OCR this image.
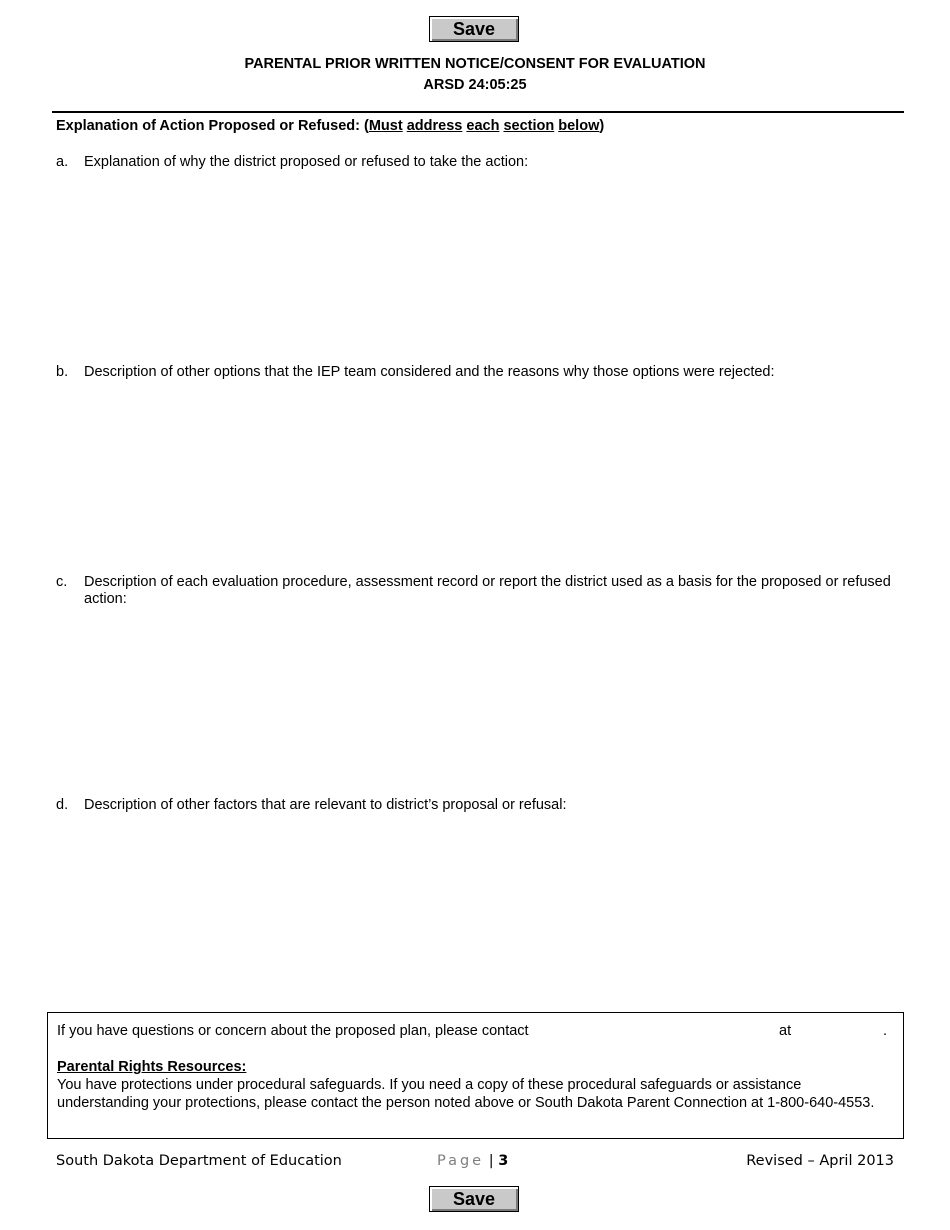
Save
PARENTAL PRIOR WRITTEN NOTICE/CONSENT FOR EVALUATION
ARSD 24:05:25
Explanation of Action Proposed or Refused: (Must address each section below)
a. Explanation of why the district proposed or refused to take the action:
b. Description of other options that the IEP team considered and the reasons why those options were rejected:
c. Description of each evaluation procedure, assessment record or report the district used as a basis for the proposed or refused action:
d. Description of other factors that are relevant to district’s proposal or refusal:
If you have questions or concern about the proposed plan, please contact	at	.
Parental Rights Resources:
You have protections under procedural safeguards. If you need a copy of these procedural safeguards or assistance understanding your protections, please contact the person noted above or South Dakota Parent Connection at 1-800-640-4553.
South Dakota Department of Education	Page | 3	Revised – April 2013
Save
